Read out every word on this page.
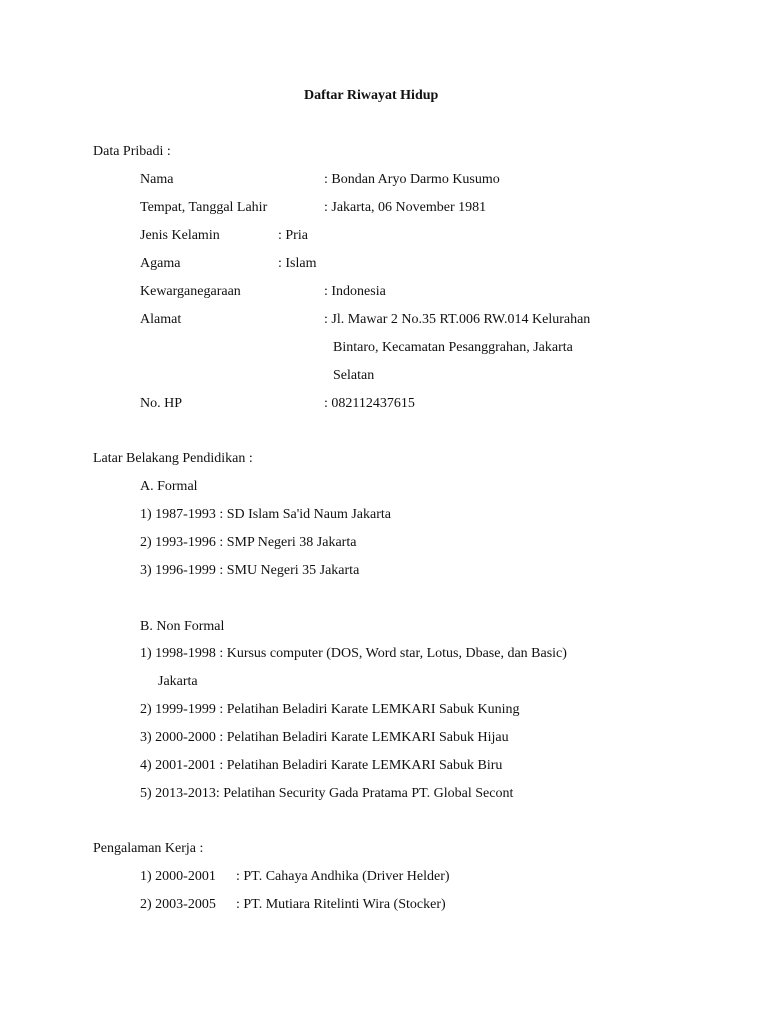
Daftar Riwayat Hidup
Data Pribadi :
Nama	: Bondan Aryo Darmo Kusumo
Tempat, Tanggal Lahir	: Jakarta, 06 November 1981
Jenis Kelamin	: Pria
Agama	: Islam
Kewarganegaraan	: Indonesia
Alamat	: Jl. Mawar 2 No.35 RT.006 RW.014 Kelurahan
Bintaro, Kecamatan Pesanggrahan, Jakarta
Selatan
No. HP	: 082112437615
Latar Belakang Pendidikan :
A. Formal
1) 1987-1993 : SD Islam Sa'id Naum Jakarta
2) 1993-1996 : SMP Negeri 38 Jakarta
3) 1996-1999 : SMU Negeri 35 Jakarta
B. Non Formal
1) 1998-1998 : Kursus computer (DOS, Word star, Lotus, Dbase, dan Basic)
Jakarta
2) 1999-1999 : Pelatihan Beladiri Karate LEMKARI Sabuk Kuning
3) 2000-2000 : Pelatihan Beladiri Karate LEMKARI Sabuk Hijau
4) 2001-2001 : Pelatihan Beladiri Karate LEMKARI Sabuk Biru
5) 2013-2013: Pelatihan Security Gada Pratama PT. Global Secont
Pengalaman Kerja :
1) 2000-2001 : PT. Cahaya Andhika (Driver Helder)
2) 2003-2005 : PT. Mutiara Ritelinti Wira (Stocker)
